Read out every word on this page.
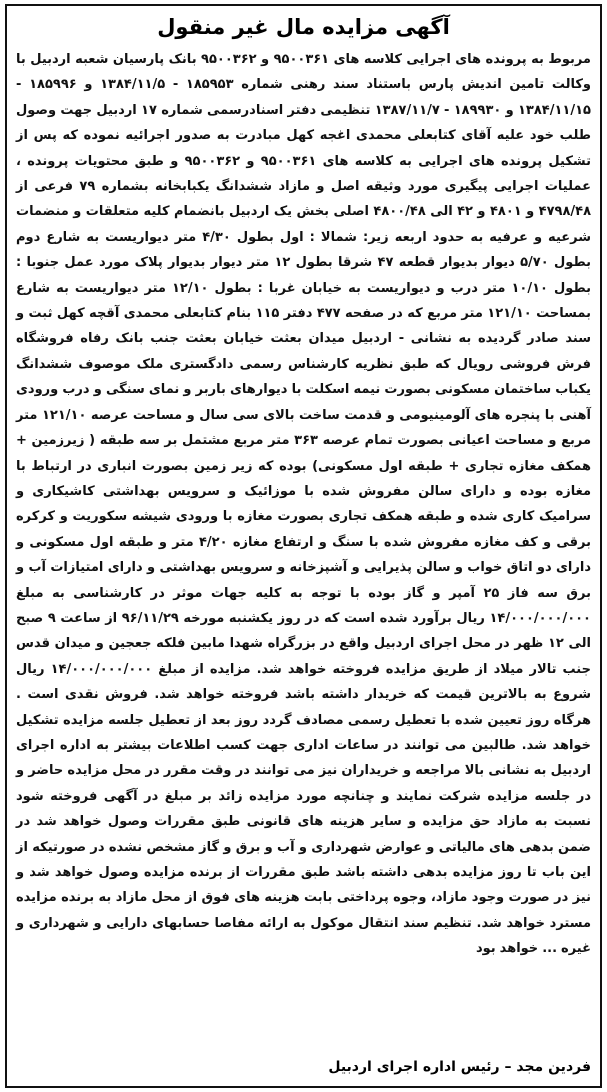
آگهی مزایده مال غیر منقول

مربوط به پرونده های اجرایی کلاسه های ۹۵۰۰۳۶۱ و ۹۵۰۰۳۶۲ بانک پارسیان شعبه اردبیل با وکالت تامین اندیش پارس باستناد سند رهنی شماره ۱۸۵۹۵۳ - ۱۳۸۴/۱۱/۵ و ۱۸۵۹۹۶ - ۱۳۸۴/۱۱/۱۵ و ۱۸۹۹۳۰ - ۱۳۸۷/۱۱/۷ تنظیمی دفتر اسنادرسمی شماره ۱۷ اردبیل جهت وصول طلب خود علیه آقای کتابعلی محمدی اغجه کهل مبادرت به صدور اجرائیه نموده که پس از تشکیل پرونده های اجرایی به کلاسه های ۹۵۰۰۳۶۱ و ۹۵۰۰۳۶۲ و طبق محتویات پرونده ، عملیات اجرایی پیگیری مورد وثیقه اصل و مازاد ششدانگ یکبابخانه بشماره ۷۹ فرعی از ۴۷۹۸/۴۸ و ۴۸۰۱ و ۴۲ الی ۴۸۰۰/۴۸ اصلی بخش یک اردبیل بانضمام کلیه متعلقات و منضمات شرعیه و عرفیه به حدود اربعه زیر: شمالا : اول بطول ۴/۳۰ متر دیواریست به شارع دوم بطول ۵/۷۰ دیوار بدیوار قطعه ۴۷ شرقا بطول ۱۲ متر دیوار بدیوار پلاک مورد عمل جنوبا : بطول ۱۰/۱۰ متر درب و دیواریست به خیابان غربا : بطول ۱۲/۱۰ متر دیواریست به شارع بمساحت ۱۲۱/۱۰ متر مربع که در صفحه ۴۷۷ دفتر ۱۱۵ بنام کتابعلی محمدی آقچه کهل ثبت و سند صادر گردیده به نشانی - اردبیل میدان بعثت خیابان بعثت جنب بانک رفاه فروشگاه فرش فروشی رویال که طبق نظریه کارشناس رسمی دادگستری ملک موصوف ششدانگ یکباب ساختمان مسکونی بصورت نیمه اسکلت با دیوارهای باربر و نمای سنگی و درب ورودی آهنی با پنجره های آلومینیومی و قدمت ساخت بالای سی سال و مساحت عرصه ۱۲۱/۱۰ متر مربع و مساحت اعیانی بصورت تمام عرصه ۳۶۳ متر مربع مشتمل بر سه طبقه ( زیرزمین + همکف مغازه تجاری + طبقه اول مسکونی) بوده که زیر زمین بصورت انباری در ارتباط با مغازه بوده و دارای سالن مفروش شده با موزائیک و سرویس بهداشتی کاشیکاری و سرامیک کاری شده و طبقه همکف تجاری بصورت مغازه با ورودی شیشه سکوریت و کرکره برقی و کف مغازه مفروش شده با سنگ و ارتفاع مغازه ۴/۲۰ متر و طبقه اول مسکونی و دارای دو اتاق خواب و سالن پذیرایی و آشپزخانه و سرویس بهداشتی و دارای امتیازات آب و برق سه فاز ۲۵ آمپر و گاز بوده با توجه به کلیه جهات موثر در کارشناسی به مبلغ ۱۴/۰۰۰/۰۰۰/۰۰۰ ریال برآورد شده است که در روز یکشنبه مورخه ۹۶/۱۱/۲۹ از ساعت ۹ صبح الی ۱۲ ظهر در محل اجرای اردبیل واقع در بزرگراه شهدا مابین فلکه جعجین و میدان قدس جنب تالار میلاد از طریق مزایده فروخته خواهد شد. مزایده از مبلغ ۱۴/۰۰۰/۰۰۰/۰۰۰ ریال شروع به بالاترین قیمت که خریدار داشته باشد فروخته خواهد شد. فروش نقدی است . هرگاه روز تعیین شده با تعطیل رسمی مصادف گردد روز بعد از تعطیل جلسه مزایده تشکیل خواهد شد. طالبین می توانند در ساعات اداری جهت کسب اطلاعات بیشتر به اداره اجرای اردبیل به نشانی بالا مراجعه و خریداران نیز می توانند در وقت مقرر در محل مزایده حاضر و در جلسه مزایده شرکت نمایند و چنانچه مورد مزایده زائد بر مبلغ در آگهی فروخته شود نسبت به مازاد حق مزایده و سایر هزینه های قانونی طبق مقررات وصول خواهد شد در ضمن بدهی های مالیاتی و عوارض شهرداری و آب و برق و گاز مشخص نشده در صورتیکه از این باب تا روز مزایده بدهی داشته باشد طبق مقررات از برنده مزایده وصول خواهد شد و نیز در صورت وجود مازاد، وجوه پرداختی بابت هزینه های فوق از محل مازاد به برنده مزایده مسترد خواهد شد. تنظیم سند انتقال موکول به ارائه مفاصا حسابهای دارایی و شهرداری و غیره ... خواهد بود

فردین مجد – رئیس اداره اجرای اردبیل
